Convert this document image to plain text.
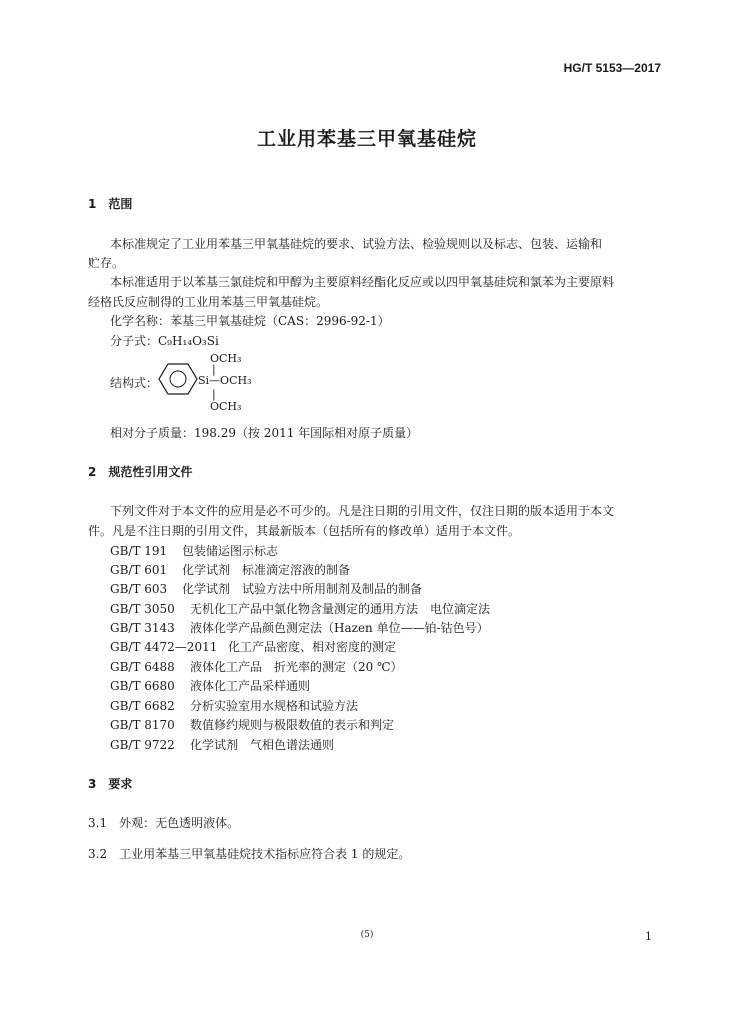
HG/T 5153—2017
工业用苯基三甲氧基硅烷
1　范围
本标准规定了工业用苯基三甲氧基硅烷的要求、试验方法、检验规则以及标志、包装、运输和
贮存。
本标准适用于以苯基三氯硅烷和甲醇为主要原料经酯化反应或以四甲氧基硅烷和氯苯为主要原料
经格氏反应制得的工业用苯基三甲氧基硅烷。
化学名称：苯基三甲氧基硅烷（CAS：2996-92-1）
分子式：C₉H₁₄O₃Si
结构式：
OCH₃
|
Si—OCH₃
|
OCH₃
相对分子质量：198.29（按 2011 年国际相对原子质量）
2　规范性引用文件
下列文件对于本文件的应用是必不可少的。凡是注日期的引用文件，仅注日期的版本适用于本文
件。凡是不注日期的引用文件，其最新版本（包括所有的修改单）适用于本文件。
GB/T 191 包装储运图示标志
GB/T 601 化学试剂　标准滴定溶液的制备
GB/T 603 化学试剂　试验方法中所用制剂及制品的制备
GB/T 3050 无机化工产品中氯化物含量测定的通用方法　电位滴定法
GB/T 3143 液体化学产品颜色测定法（Hazen 单位——铂-钴色号）
GB/T 4472—2011 化工产品密度、相对密度的测定
GB/T 6488 液体化工产品　折光率的测定（20 ℃）
GB/T 6680 液体化工产品采样通则
GB/T 6682 分析实验室用水规格和试验方法
GB/T 8170 数值修约规则与极限数值的表示和判定
GB/T 9722 化学试剂　气相色谱法通则
3　要求
3.1　外观：无色透明液体。
3.2　工业用苯基三甲氧基硅烷技术指标应符合表 1 的规定。
(5)	1
